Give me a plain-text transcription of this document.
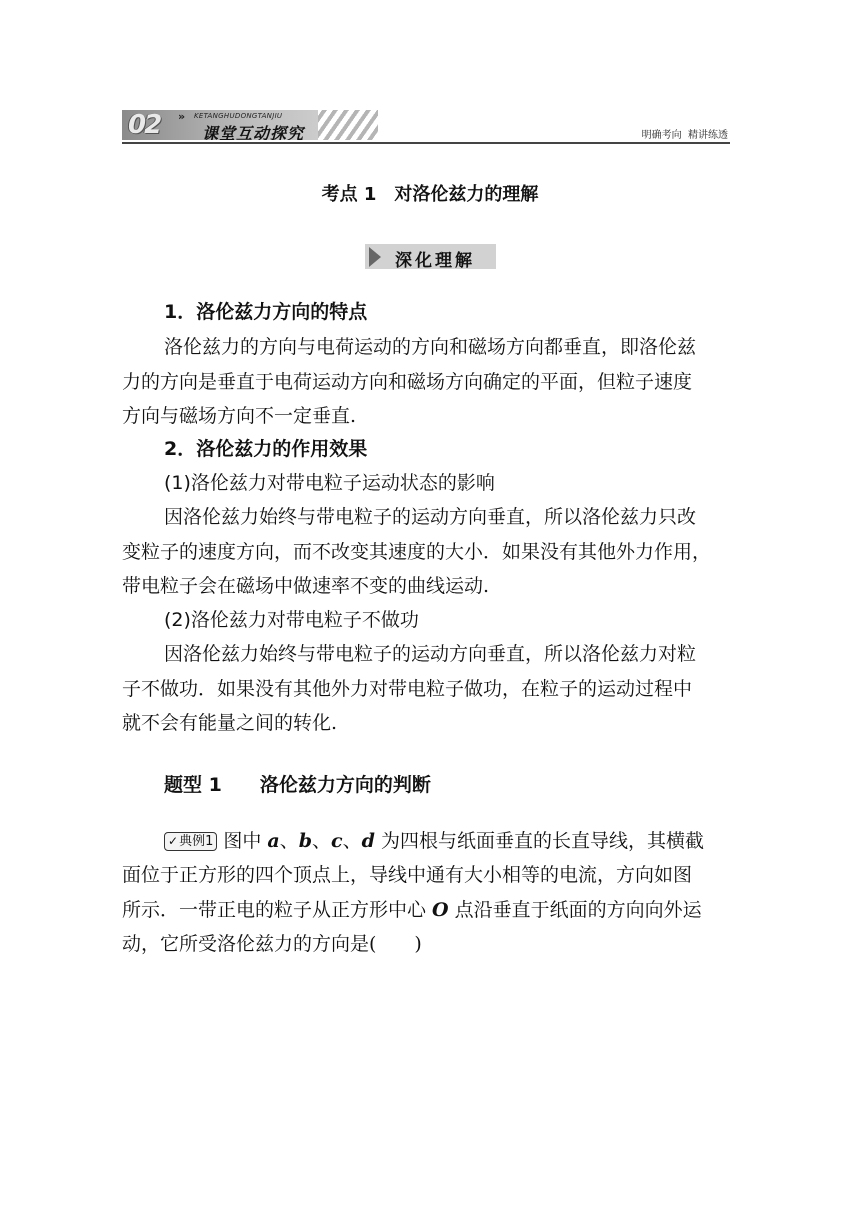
02 » KETANGHUDONGTANJIU
课堂互动探究	明确考向  精讲练透
考点 1　对洛伦兹力的理解
深化理解
1．洛伦兹力方向的特点
洛伦兹力的方向与电荷运动的方向和磁场方向都垂直，即洛伦兹
力的方向是垂直于电荷运动方向和磁场方向确定的平面，但粒子速度
方向与磁场方向不一定垂直.
2．洛伦兹力的作用效果
(1)洛伦兹力对带电粒子运动状态的影响
因洛伦兹力始终与带电粒子的运动方向垂直，所以洛伦兹力只改
变粒子的速度方向，而不改变其速度的大小．如果没有其他外力作用，
带电粒子会在磁场中做速率不变的曲线运动.
(2)洛伦兹力对带电粒子不做功
因洛伦兹力始终与带电粒子的运动方向垂直，所以洛伦兹力对粒
子不做功．如果没有其他外力对带电粒子做功，在粒子的运动过程中
就不会有能量之间的转化.
题型 1　　洛伦兹力方向的判断
✓典例1 图中 a、b、c、d 为四根与纸面垂直的长直导线，其横截
面位于正方形的四个顶点上，导线中通有大小相等的电流，方向如图
所示．一带正电的粒子从正方形中心 O 点沿垂直于纸面的方向向外运
动，它所受洛伦兹力的方向是(　　)
